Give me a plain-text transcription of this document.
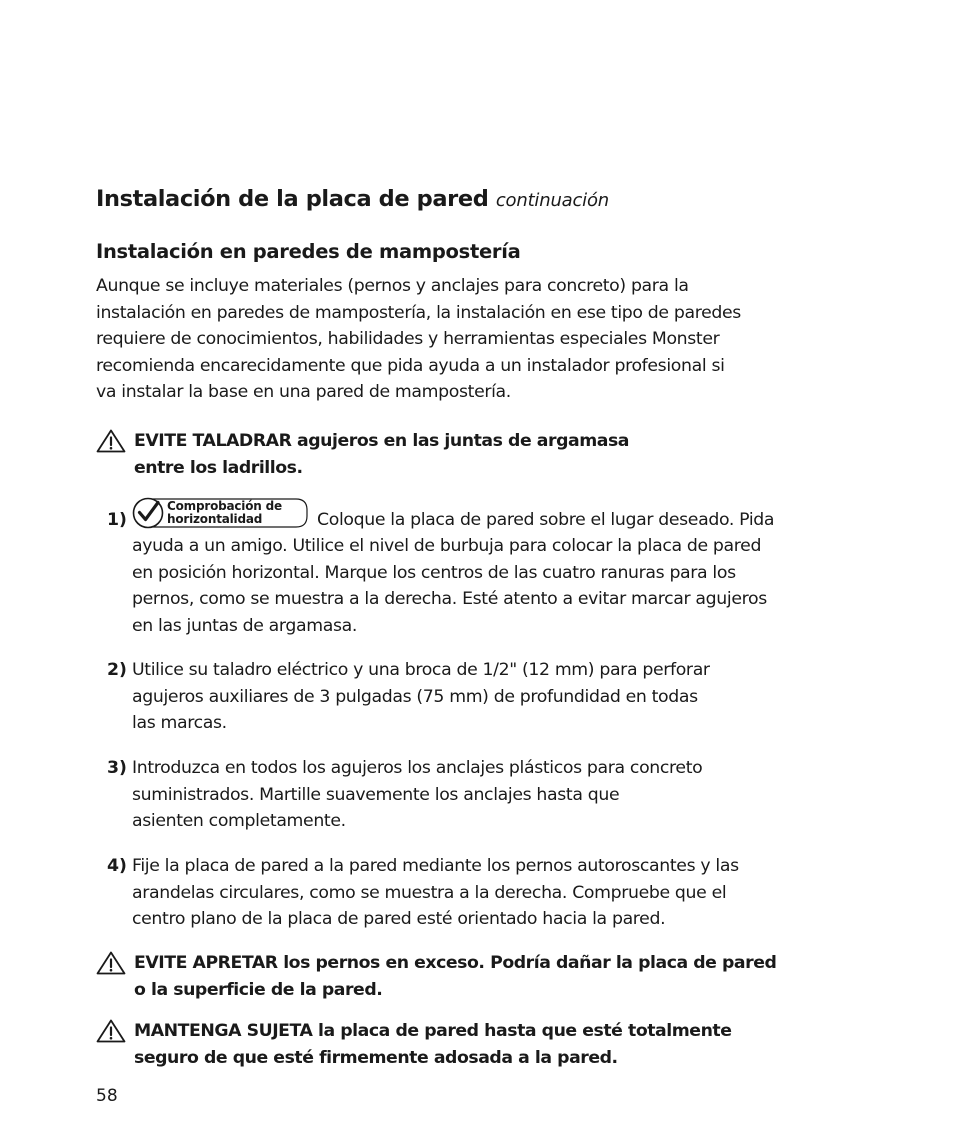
Instalación de la placa de pared continuación
Instalación en paredes de mampostería

Aunque se incluye materiales (pernos y anclajes para concreto) para la
instalación en paredes de mampostería, la instalación en ese tipo de paredes
requiere de conocimientos, habilidades y herramientas especiales Monster
recomienda encarecidamente que pida ayuda a un instalador profesional si
va instalar la base en una pared de mampostería.

EVITE TALADRAR agujeros en las juntas de argamasa
entre los ladrillos.
1)
Comprobación de
horizontalidad	Coloque la placa de pared sobre el lugar deseado. Pida
ayuda a un amigo. Utilice el nivel de burbuja para colocar la placa de pared
en posición horizontal. Marque los centros de las cuatro ranuras para los
pernos, como se muestra a la derecha. Esté atento a evitar marcar agujeros
en las juntas de argamasa.
2) Utilice su taladro eléctrico y una broca de 1/2" (12 mm) para perforar
agujeros auxiliares de 3 pulgadas (75 mm) de profundidad en todas
las marcas.
3) Introduzca en todos los agujeros los anclajes plásticos para concreto
suministrados. Martille suavemente los anclajes hasta que
asienten completamente.
4) Fije la placa de pared a la pared mediante los pernos autoroscantes y las
arandelas circulares, como se muestra a la derecha. Compruebe que el
centro plano de la placa de pared esté orientado hacia la pared.
EVITE APRETAR los pernos en exceso. Podría dañar la placa de pared
o la superficie de la pared.
MANTENGA SUJETA la placa de pared hasta que esté totalmente
seguro de que esté firmemente adosada a la pared.
58
